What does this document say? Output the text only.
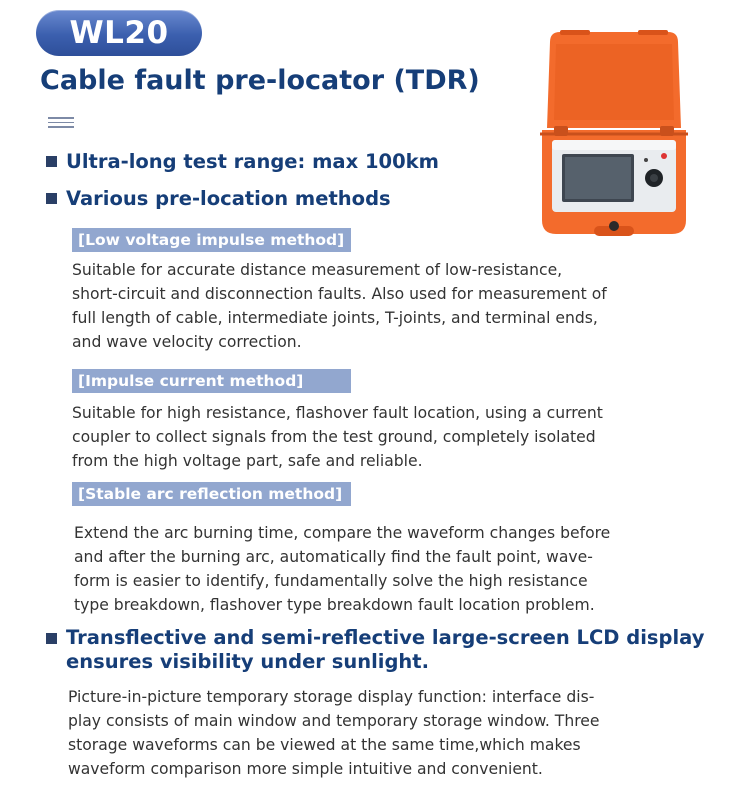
WL20
Cable fault pre-locator (TDR)
Ultra-long test range: max 100km
Various pre-location methods
[Low voltage impulse method]
Suitable for accurate distance measurement of low-resistance,
short-circuit and disconnection faults. Also used for measurement of
full length of cable, intermediate joints, T-joints, and terminal ends,
and wave velocity correction.
[Impulse current method]
Suitable for high resistance, flashover fault location, using a current
coupler to collect signals from the test ground, completely isolated
from the high voltage part, safe and reliable.
[Stable arc reflection method]
Extend the arc burning time, compare the waveform changes before
and after the burning arc, automatically find the fault point, wave-
form is easier to identify, fundamentally solve the high resistance
type breakdown, flashover type breakdown fault location problem.
Transflective and semi-reflective large-screen LCD display ensures visibility under sunlight.
Picture-in-picture temporary storage display function: interface dis-
play consists of main window and temporary storage window. Three
storage waveforms can be viewed at the same time,which makes
waveform comparison more simple intuitive and convenient.
